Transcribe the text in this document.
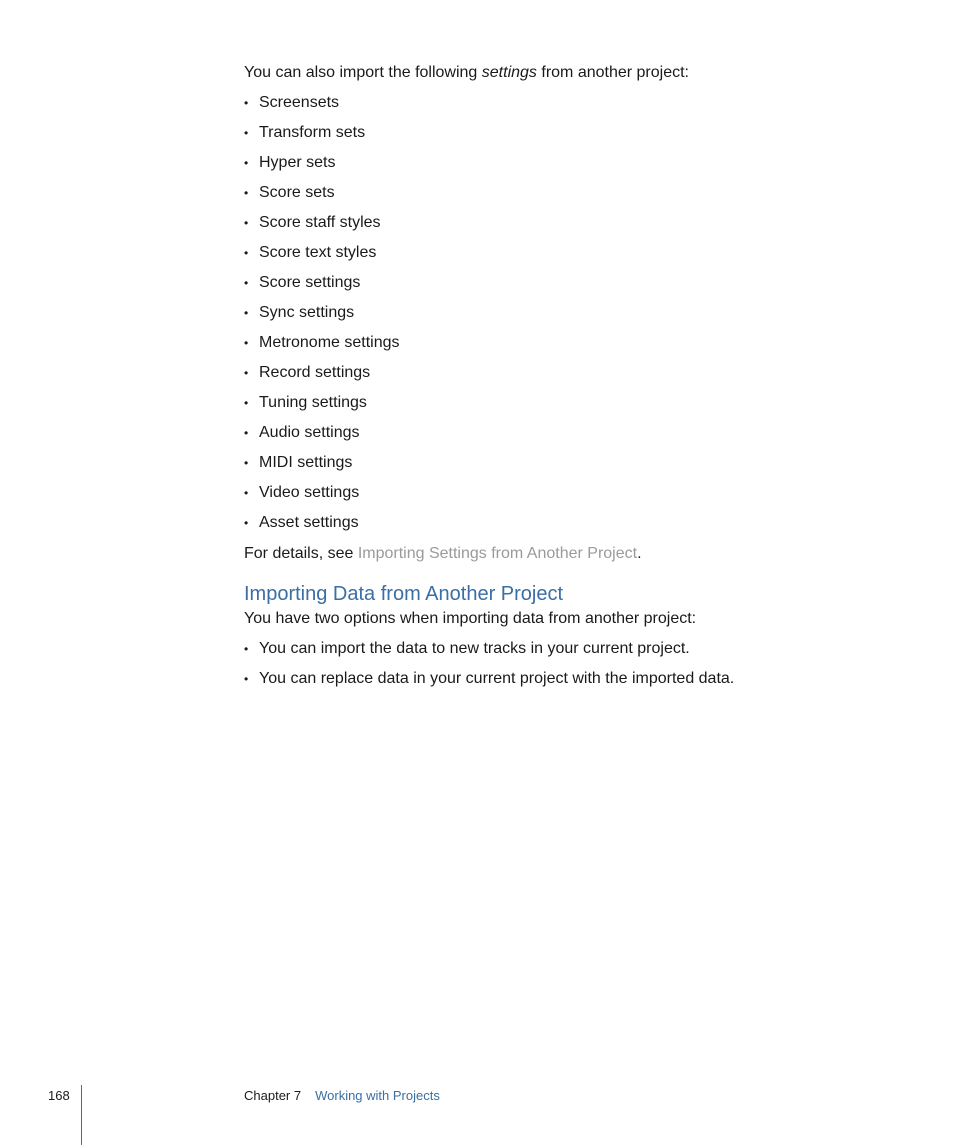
You can also import the following settings from another project:

• Screensets
• Transform sets
• Hyper sets
• Score sets
• Score staff styles
• Score text styles
• Score settings
• Sync settings
• Metronome settings
• Record settings
• Tuning settings
• Audio settings
• MIDI settings
• Video settings
• Asset settings

For details, see Importing Settings from Another Project.

Importing Data from Another Project

You have two options when importing data from another project:

• You can import the data to new tracks in your current project.
• You can replace data in your current project with the imported data.
168	Chapter 7 Working with Projects
